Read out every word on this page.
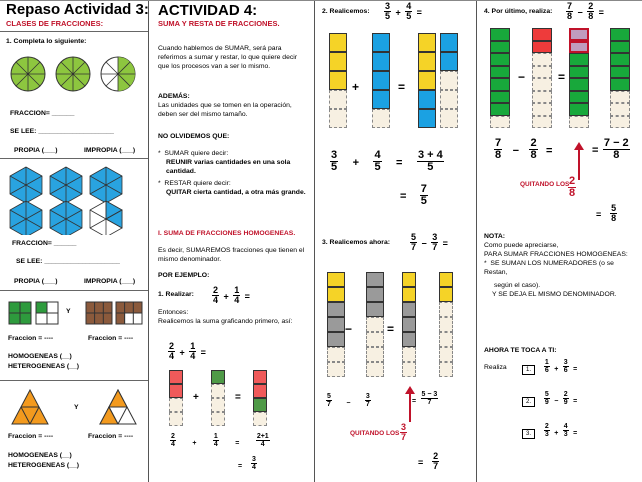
Repaso Actividad 3:
CLASES DE FRACCIONES:
1. Completa lo siguiente:
FRACCION= ______
SE LEE: ____________________
PROPIA (___)	IMPROPIA (___)
FRACCION= ______
SE LEE: ____________________
PROPIA (___)	IMPROPIA (___)
Y
Fraccion = ----	Fraccion = ----
HOMOGENEAS (__)
HETEROGENEAS (__)
Y
Fraccion = ----	Fraccion = ----
HOMOGENEAS (__)
HETEROGENEAS (__)
ACTIVIDAD 4:
SUMA Y RESTA DE FRACCIONES.
Cuando hablemos de SUMAR, será para referirnos a sumar y restar, lo que quiere decir que los procesos van a ser lo mismo.
ADEMÁS:
Las unidades que se tomen en la operación, deben ser del mismo tamaño.
NO OLVIDEMOS QUE:
*  SUMAR quiere decir:
REUNIR varias cantidades en una sola cantidad.
*  RESTAR quiere decir:
QUITAR cierta cantidad, a otra más grande.
I. SUMA DE FRACCIONES HOMOGENEAS.
Es decir, SUMAREMOS fracciones que tienen el mismo denominador.
POR EJEMPLO:
1. Realizar: $\frac{2}{4} + \frac{1}{4}$ =
Entonces:
Realicemos la suma graficando primero, así:
$\frac{2}{4} + \frac{1}{4}$ =
+	=
$\frac{2}{4} + \frac{1}{4} = \frac{2+1}{4}$
= $\frac{3}{4}$
2. Realicemos: $\frac{3}{5} + \frac{4}{5}$ =
+	=
$\frac{3}{5} + \frac{4}{5} = \frac{3 + 4}{5}$
= $\frac{7}{5}$
3. Realicemos ahora: $\frac{5}{7} - \frac{3}{7}$ =
−	=
$\frac{5}{7} - \frac{3}{7}$	= $\frac{5 - 3}{7}$
QUITANDO LOS $\frac{3}{7}$
= $\frac{2}{7}$
4. Por último, realiza: $\frac{7}{8} - \frac{2}{8}$ =
−	=
$\frac{7}{8} - \frac{2}{8}$ =	= $\frac{7 - 2}{8}$
QUITANDO LOS
$\frac{2}{8}$
= $\frac{5}{8}$
NOTA:
Como puede apreciarse,
PARA SUMAR FRACCIONES HOMOGENEAS:
*  SE SUMAN LOS NUMERADORES (o se Restan,
según el caso).
Y SE DEJA EL MISMO DENOMINADOR.
AHORA TE TOCA A TI:
Realiza	1. $\frac{1}{6} + \frac{3}{6}$ =
2. $\frac{5}{9} - \frac{2}{9}$ =
3. $\frac{2}{3} + \frac{4}{3}$ =
